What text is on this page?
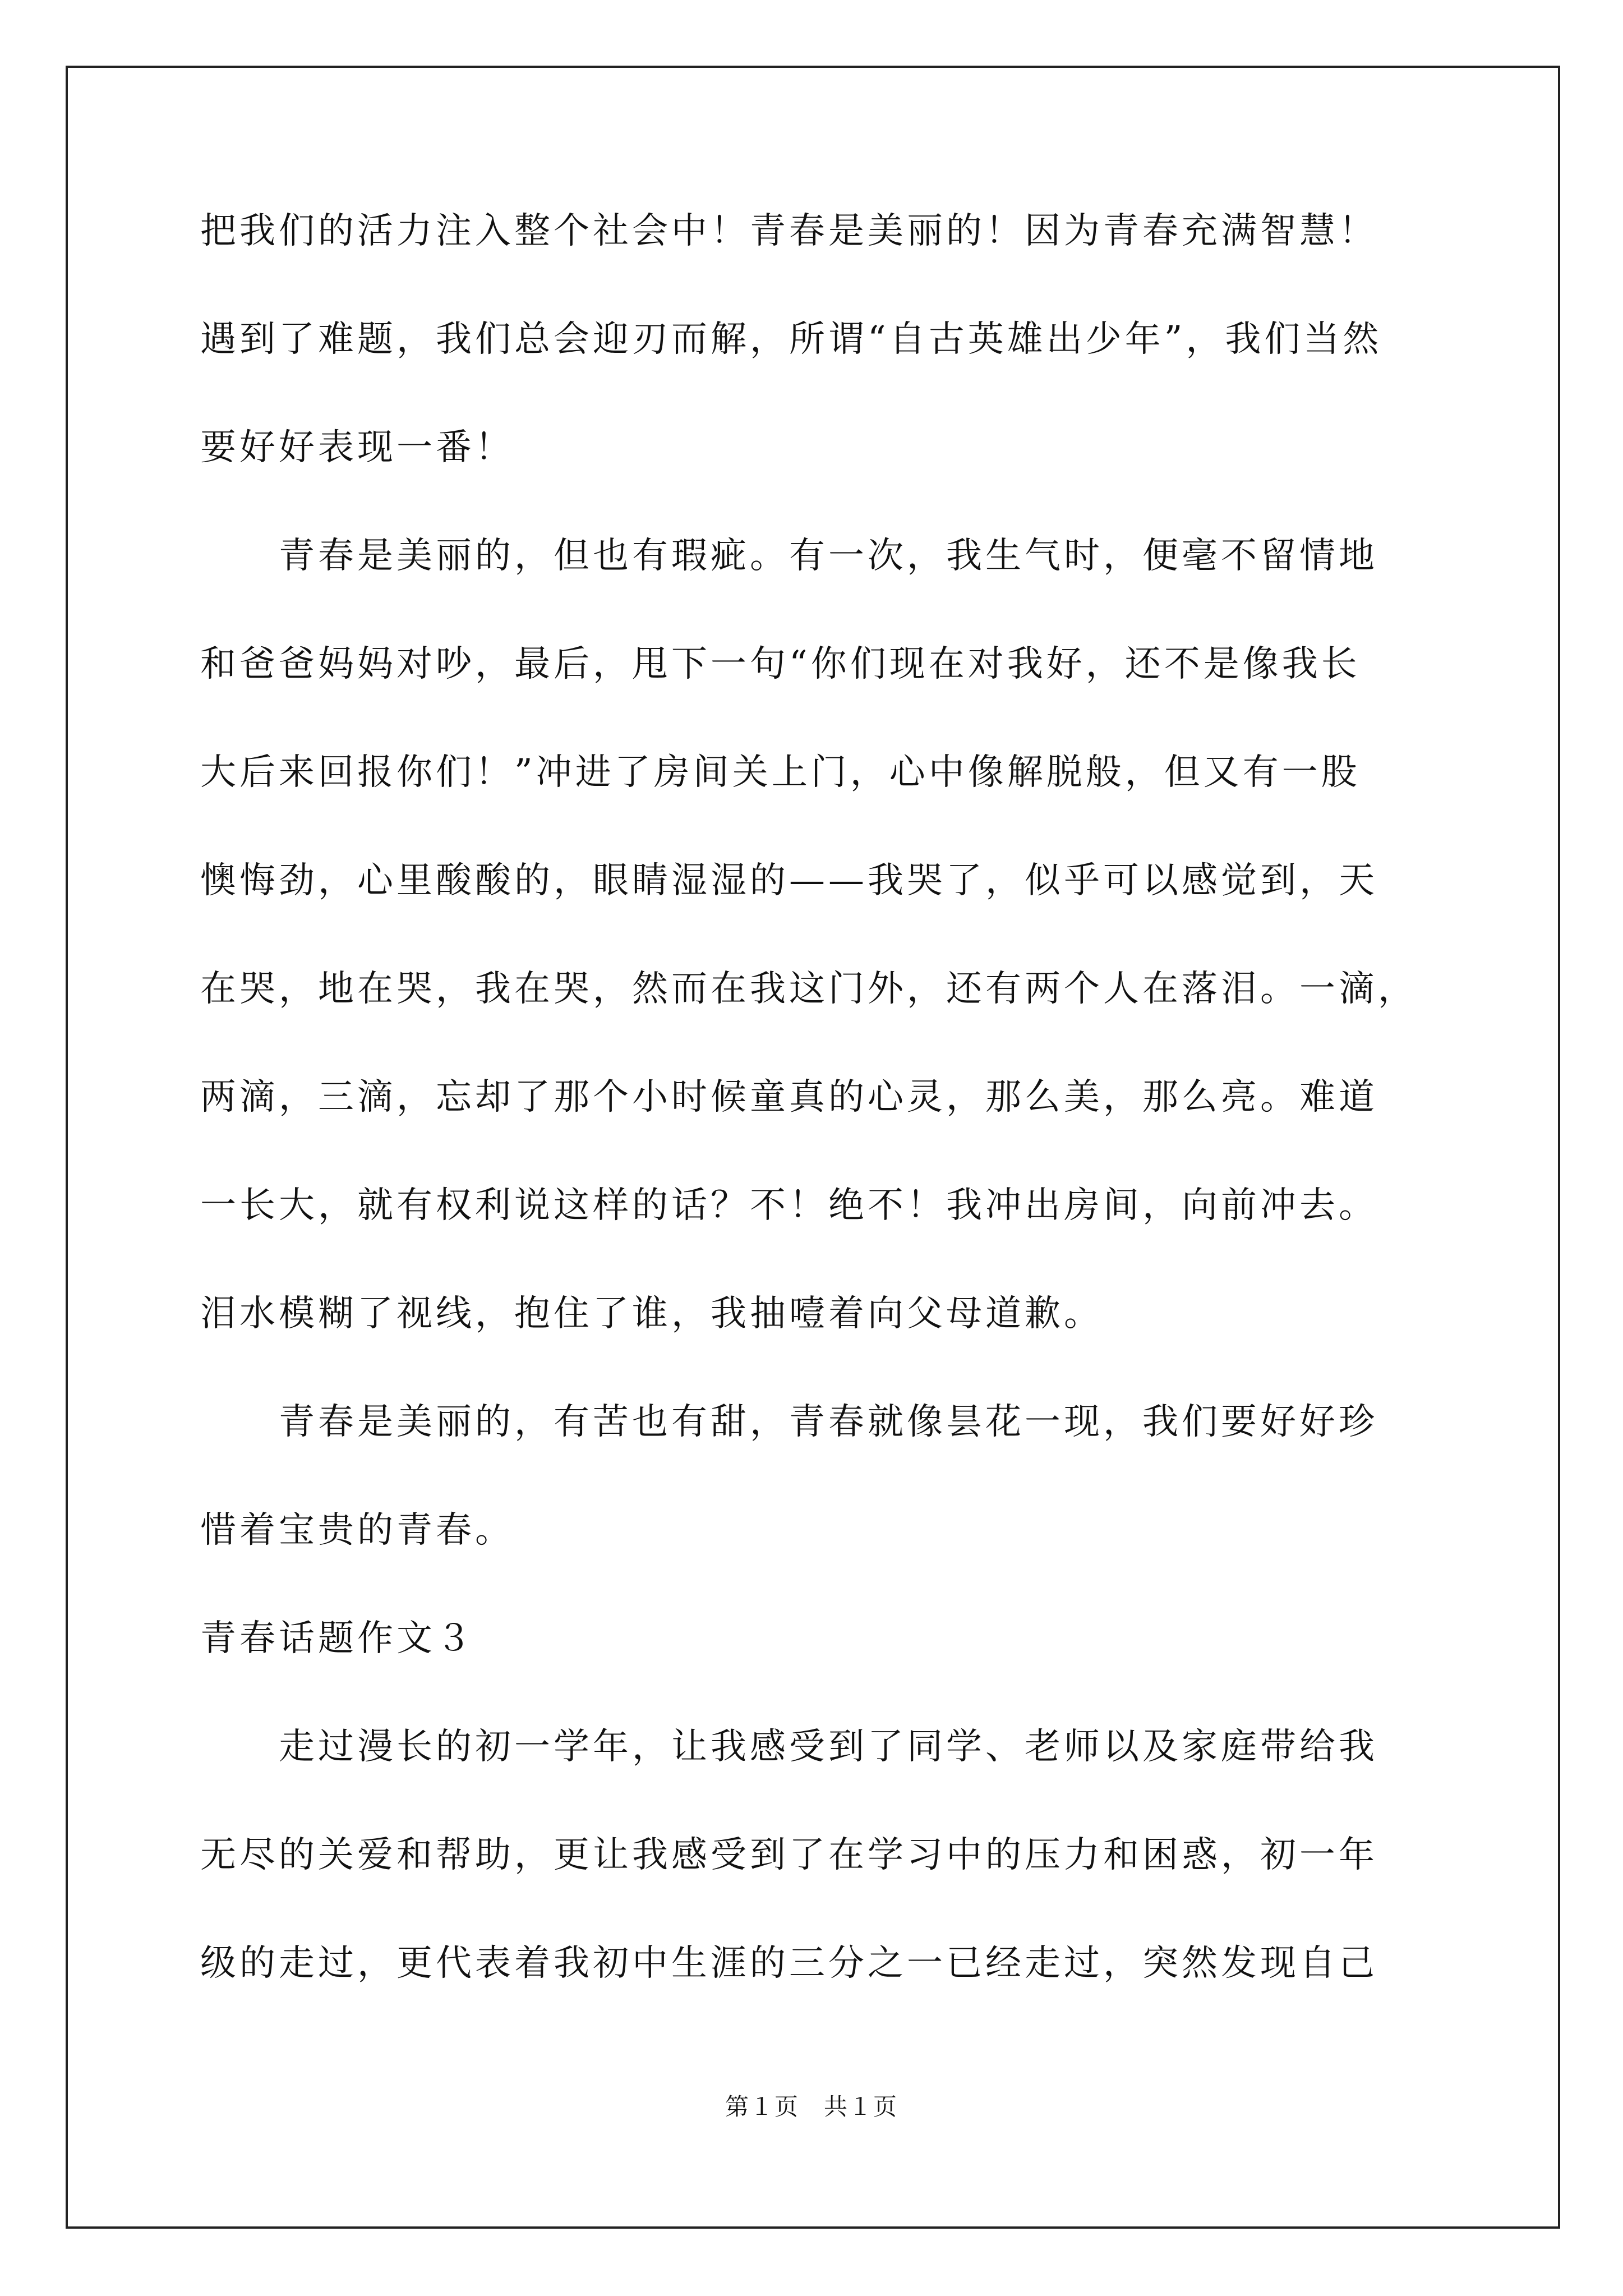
把我们的活力注入整个社会中！青春是美丽的！因为青春充满智慧！
遇到了难题，我们总会迎刃而解，所谓“自古英雄出少年”，我们当然
要好好表现一番！
　　青春是美丽的，但也有瑕疵。有一次，我生气时，便毫不留情地
和爸爸妈妈对吵，最后，甩下一句“你们现在对我好，还不是像我长
大后来回报你们！”冲进了房间关上门，心中像解脱般，但又有一股
懊悔劲，心里酸酸的，眼睛湿湿的——我哭了，似乎可以感觉到，天
在哭，地在哭，我在哭，然而在我这门外，还有两个人在落泪。一滴，
两滴，三滴，忘却了那个小时候童真的心灵，那么美，那么亮。难道
一长大，就有权利说这样的话？不！绝不！我冲出房间，向前冲去。
泪水模糊了视线，抱住了谁，我抽噎着向父母道歉。
　　青春是美丽的，有苦也有甜，青春就像昙花一现，我们要好好珍
惜着宝贵的青春。
青春话题作文３
　　走过漫长的初一学年，让我感受到了同学、老师以及家庭带给我
无尽的关爱和帮助，更让我感受到了在学习中的压力和困惑，初一年
级的走过，更代表着我初中生涯的三分之一已经走过，突然发现自己
第１页　共１页
